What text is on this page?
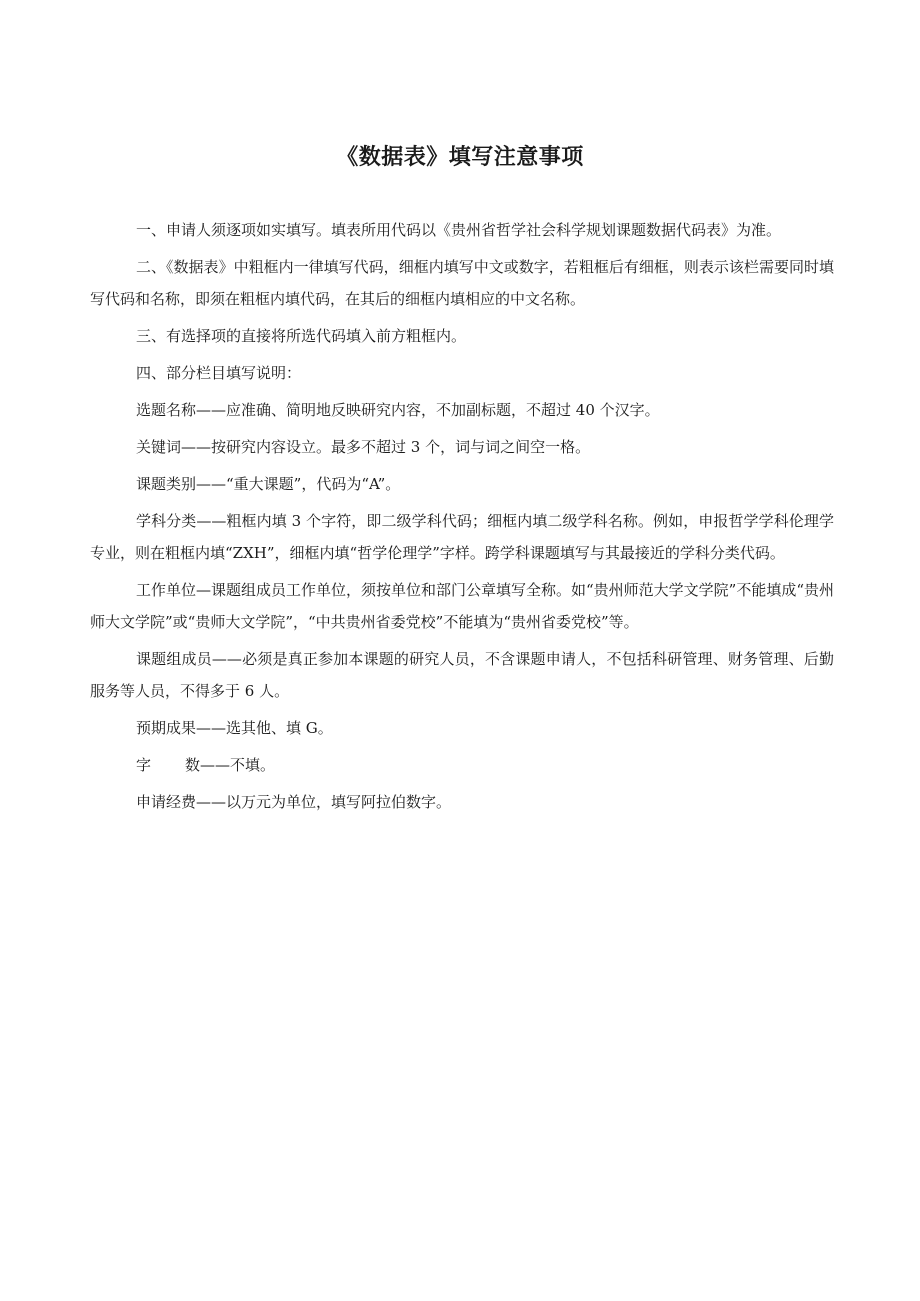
《数据表》填写注意事项

一、申请人须逐项如实填写。填表所用代码以《贵州省哲学社会科学规划课题数据代码表》为准。

二、《数据表》中粗框内一律填写代码，细框内填写中文或数字，若粗框后有细框，则表示该栏需要同时填写代码和名称，即须在粗框内填代码，在其后的细框内填相应的中文名称。

三、有选择项的直接将所选代码填入前方粗框内。

四、部分栏目填写说明：

选题名称——应准确、简明地反映研究内容，不加副标题，不超过 40 个汉字。

关键词——按研究内容设立。最多不超过 3 个，词与词之间空一格。

课题类别——“重大课题”，代码为“A”。

学科分类——粗框内填 3 个字符，即二级学科代码；细框内填二级学科名称。例如，申报哲学学科伦理学专业，则在粗框内填“ZXH”，细框内填“哲学伦理学”字样。跨学科课题填写与其最接近的学科分类代码。

工作单位—课题组成员工作单位，须按单位和部门公章填写全称。如“贵州师范大学文学院”不能填成“贵州师大文学院”或“贵师大文学院”，“中共贵州省委党校”不能填为“贵州省委党校”等。

课题组成员——必须是真正参加本课题的研究人员，不含课题申请人，不包括科研管理、财务管理、后勤服务等人员，不得多于 6 人。

预期成果——选其他、填 G。

字 数——不填。

申请经费——以万元为单位，填写阿拉伯数字。
